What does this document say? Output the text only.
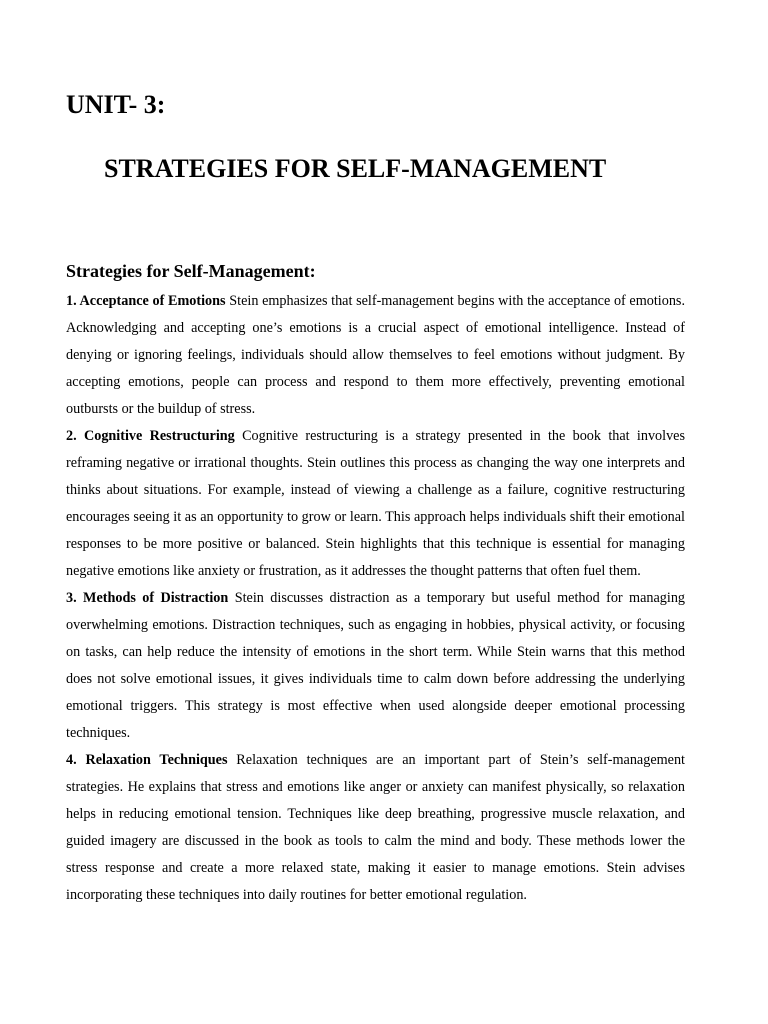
UNIT- 3:
STRATEGIES FOR SELF-MANAGEMENT
Strategies for Self-Management:

1. Acceptance of Emotions Stein emphasizes that self-management begins with the acceptance of emotions. Acknowledging and accepting one’s emotions is a crucial aspect of emotional intelligence. Instead of denying or ignoring feelings, individuals should allow themselves to feel emotions without judgment. By accepting emotions, people can process and respond to them more effectively, preventing emotional outbursts or the buildup of stress.

2. Cognitive Restructuring Cognitive restructuring is a strategy presented in the book that involves reframing negative or irrational thoughts. Stein outlines this process as changing the way one interprets and thinks about situations. For example, instead of viewing a challenge as a failure, cognitive restructuring encourages seeing it as an opportunity to grow or learn. This approach helps individuals shift their emotional responses to be more positive or balanced. Stein highlights that this technique is essential for managing negative emotions like anxiety or frustration, as it addresses the thought patterns that often fuel them.

3. Methods of Distraction Stein discusses distraction as a temporary but useful method for managing overwhelming emotions. Distraction techniques, such as engaging in hobbies, physical activity, or focusing on tasks, can help reduce the intensity of emotions in the short term. While Stein warns that this method does not solve emotional issues, it gives individuals time to calm down before addressing the underlying emotional triggers. This strategy is most effective when used alongside deeper emotional processing techniques.

4. Relaxation Techniques Relaxation techniques are an important part of Stein’s self-management strategies. He explains that stress and emotions like anger or anxiety can manifest physically, so relaxation helps in reducing emotional tension. Techniques like deep breathing, progressive muscle relaxation, and guided imagery are discussed in the book as tools to calm the mind and body. These methods lower the stress response and create a more relaxed state, making it easier to manage emotions. Stein advises incorporating these techniques into daily routines for better emotional regulation.
